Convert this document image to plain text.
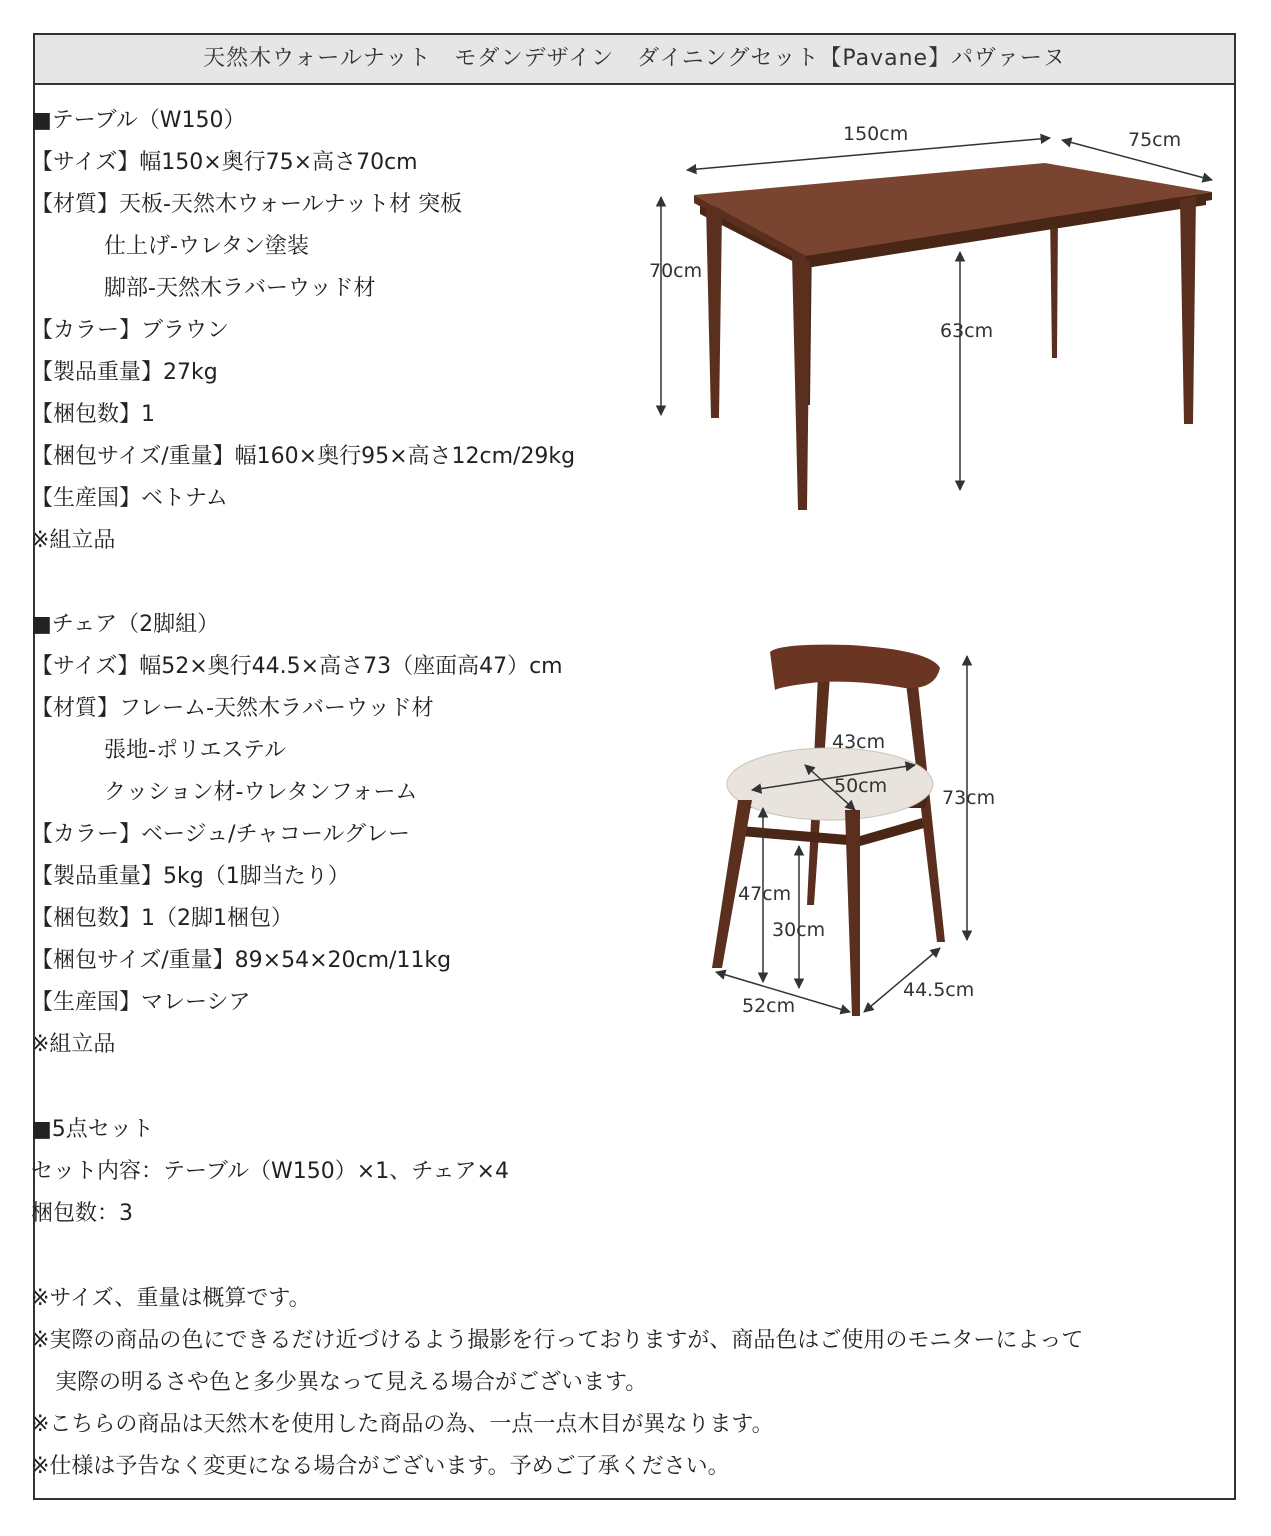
天然木ウォールナット　モダンデザイン　ダイニングセット【Pavane】パヴァーヌ
■テーブル（W150）
【サイズ】幅150×奥行75×高さ70cm
【材質】天板-天然木ウォールナット材 突板
仕上げ-ウレタン塗装
脚部-天然木ラバーウッド材
【カラー】ブラウン
【製品重量】27kg
【梱包数】1
【梱包サイズ/重量】幅160×奥行95×高さ12cm/29kg
【生産国】ベトナム
※組立品
■チェア（2脚組）
【サイズ】幅52×奥行44.5×高さ73（座面高47）cm
【材質】フレーム-天然木ラバーウッド材
張地-ポリエステル
クッション材-ウレタンフォーム
【カラー】ベージュ/チャコールグレー
【製品重量】5kg（1脚当たり）
【梱包数】1（2脚1梱包）
【梱包サイズ/重量】89×54×20cm/11kg
【生産国】マレーシア
※組立品
■5点セット
セット内容：テーブル（W150）×1、チェア×4
梱包数：3
※サイズ、重量は概算です。
※実際の商品の色にできるだけ近づけるよう撮影を行っておりますが、商品色はご使用のモニターによって
実際の明るさや色と多少異なって見える場合がございます。
※こちらの商品は天然木を使用した商品の為、一点一点木目が異なります。
※仕様は予告なく変更になる場合がございます。予めご了承ください。
150cm	75cm
70cm
63cm
43cm
50cm
73cm
47cm
30cm
52cm
44.5cm
